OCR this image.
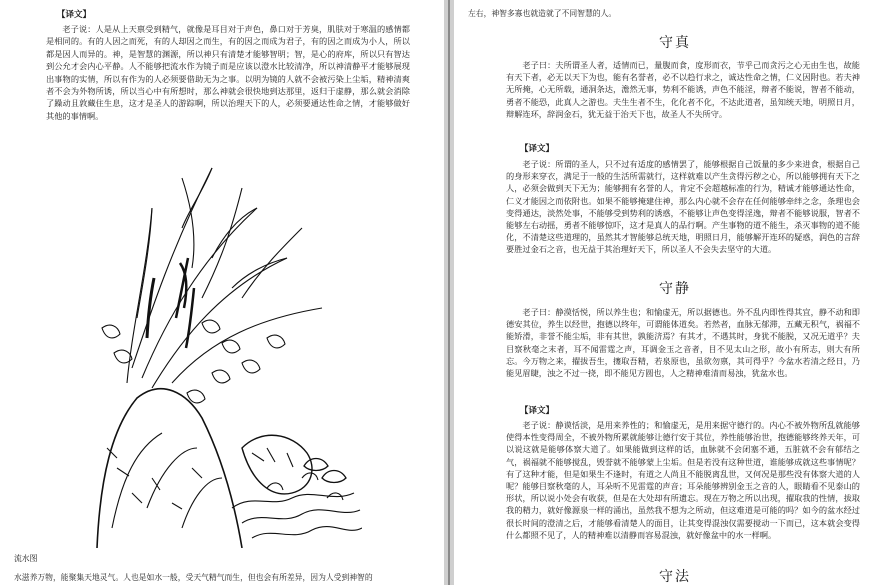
【译文】

老子说：人是从上天禀受到精气，就像是耳目对于声色，鼻口对于芳臭，肌肤对于寒温的感情都是相同的。有的人因之而死，有的人却因之而生，有的因之而成为君子，有的因之而成为小人，所以都是因人而异的。神，是智慧的渊源，所以神只有清楚才能够智明；智，是心的府库，所以只有智达到公允才会内心平静。人不能够把流水作为镜子而是应该以澄水比较清净，所以神清静平才能够展现出事物的实情，所以有作为的人必须要借助无为之事。以明为镜的人就不会被污染上尘垢，精神清爽者不会为外物所诱，所以当心中有所想时，那么神就会很快地到达那里，返归于虚静，那么就会消除了躁动且敦藏住生息，这才是圣人的游踪啊，所以治理天下的人，必须要通达性命之情，才能够做好其他的事情啊。

流水图
水滋养万物，能聚集天地灵气。人也是如水一般，受天气精气而生，但也会有所差异，因为人受到神智的
左右，神智多寡也就造就了不同智慧的人。
守真

老子曰：夫所谓圣人者，适情而已，量腹而食，度形而衣，节乎己而贪污之心无由生也，故能有天下者，必无以天下为也，能有名誉者，必不以趋行求之，诚达性命之情，仁义因附也。若夫神无所掩，心无所载，通洞条达，澹然无事，势利不能诱，声色不能淫，辩者不能说，智者不能动，勇者不能恐，此真人之游也。夫生生者不生，化化者不化，不达此道者，虽知统天地，明照日月，辩解连环，辞润金石，犹无益于治天下也，故圣人不失所守。

【译文】

老子说：所谓的圣人，只不过有适度的感情罢了，能够根据自己饭量的多少来进食，根据自己的身形来穿衣，满足于一般的生活所需就行，这样就难以产生贪得污秽之心，所以能够拥有天下之人，必须会做到天下无为；能够拥有名誉的人，肯定不会超越标准的行为，精诚才能够通达性命，仁义才能因之而依附也。如果不能够掩建住神，那么内心就不会存在任何能够牵绊之念，条理也会变得通达，淡然处事，不能够受到势利的诱惑，不能够让声色变得淫逸，辩者不能够说服，智者不能够左右动摇，勇者不能够惊吓，这才是真人的品行啊。产生事物的道不能生，杀灭事物的道不能化，不清楚这些道理的，虽然其才智能够总统天地，明照日月，能够解开连环的疑惑，润色的言辞要胜过金石之音，也无益于其治理好天下，所以圣人不会失去坚守的大道。

守静

老子曰：静漠恬悦，所以养生也；和愉虚无，所以据德也。外不乱内即性得其宜，静不动和即德安其位，养生以经世，抱德以终年，可谓能体道矣。若然者，血脉无郁滞，五藏无积气，祸福不能矫滑，非誉不能尘垢，非有其世，孰能济焉？有其才，不遇其时，身犹不能脱，又况无道乎？夫目察秋毫之末者，耳不闻雷霆之声，耳调金玉之音者，目不见太山之形，故小有所志，则大有所忘。今万物之来，擢拔吾生，攓取吾精，若泉原也，虽欲勿禀，其可得乎？今盆水若清之经日，乃能见眉睫，浊之不过一挠，即不能见方圆也，人之精神难清而易浊，犹盆水也。

【译文】

老子说：静谟恬淡，是用来养性的；和愉虚无，是用来据守德行的。内心不被外物所乱就能够使得本性变得周全，不被外物所累就能够让德行安于其位，养性能够治世，抱德能够终养天年，可以说这就是能够体察大道了。如果能做到这样的话，血脉就不会闭塞不通，五脏就不会有郁结之气，祸福就不能够搅乱，毁誉就不能够蒙上尘垢。但是若没有这种世道，谁能够成就这些事情呢？有了这种才能，但是如果生不逢时，有道之人尚且不能脱离乱世，又何况是那些没有体察大道的人呢？能够目察秋毫的人，耳朵听不见雷霆的声音；耳朵能够辨别金玉之音的人，眼睛看不见泰山的形状，所以说小处会有收获，但是在大处却有所遗忘。现在万物之所以出现，擢取我的性情，拔取我的精力，就好像源泉一样的涌出，虽然我不想为之所动，但这难道是可能的吗？如今的盆水经过很长时间的澄清之后，才能够看清楚人的面目，让其变得混浊仅需要搅动一下而已，这本就会变得什么都照不见了，人的精神难以清静而容易混浊，就好像盆中的水一样啊。

守法
